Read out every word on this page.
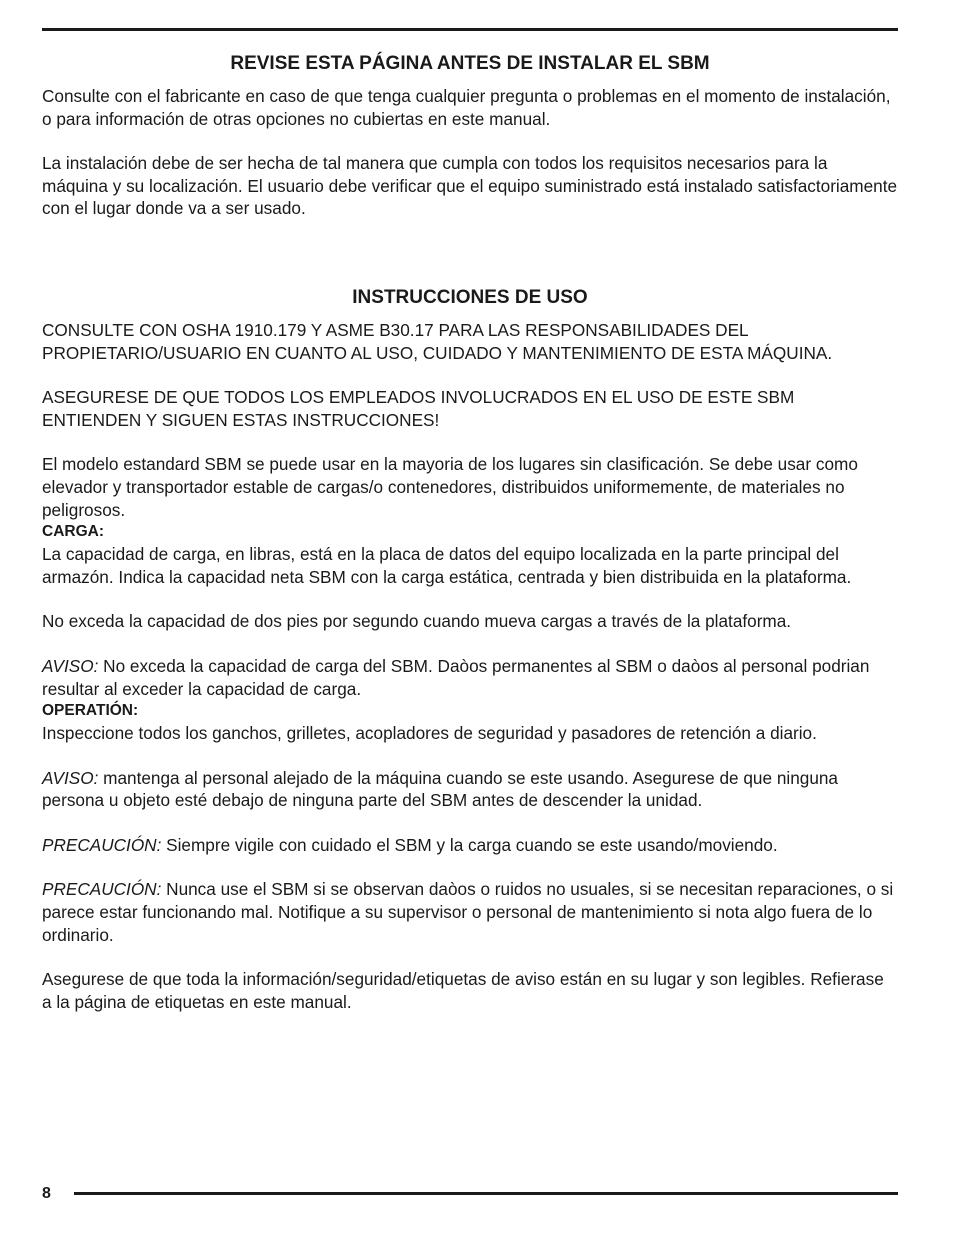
REVISE ESTA PÁGINA ANTES DE INSTALAR EL SBM

Consulte con el fabricante en caso de que tenga cualquier pregunta o problemas en el momento de instalación, o para información de otras opciones no cubiertas en este manual.

La instalación debe de ser hecha de tal manera que cumpla con todos los requisitos necesarios para la máquina y su localización. El usuario debe verificar que el equipo suministrado está instalado satisfactoriamente con el lugar donde va a ser usado.

INSTRUCCIONES DE USO

CONSULTE CON OSHA 1910.179 Y ASME B30.17 PARA LAS RESPONSABILIDADES DEL PROPIETARIO/USUARIO EN CUANTO AL USO, CUIDADO Y MANTENIMIENTO DE ESTA MÁQUINA.

ASEGURESE DE QUE TODOS LOS EMPLEADOS INVOLUCRADOS EN EL USO DE ESTE SBM ENTIENDEN Y SIGUEN ESTAS INSTRUCCIONES!

El modelo estandard SBM se puede usar en la mayoria de los lugares sin clasificación. Se debe usar como elevador y transportador estable de cargas/o contenedores, distribuidos uniformemente, de materiales no peligrosos.

CARGA:

La capacidad de carga, en libras, está en la placa de datos del equipo localizada en la parte principal del armazón. Indica la capacidad neta SBM con la carga estática, centrada y bien distribuida en la plataforma.

No exceda la capacidad de dos pies por segundo cuando mueva cargas a través de la plataforma.

AVISO: No exceda la capacidad de carga del SBM. Daòos permanentes al SBM o daòos al personal podrian resultar al exceder la capacidad de carga.

OPERATIÓN:

Inspeccione todos los ganchos, grilletes, acopladores de seguridad y pasadores de retención a diario.

AVISO: mantenga al personal alejado de la máquina cuando se este usando. Asegurese de que ninguna persona u objeto esté debajo de ninguna parte del SBM antes de descender la unidad.

PRECAUCIÓN: Siempre vigile con cuidado el SBM y la carga cuando se este usando/moviendo.

PRECAUCIÓN: Nunca use el SBM si se observan daòos o ruidos no usuales, si se necesitan reparaciones, o si parece estar funcionando mal. Notifique a su supervisor o personal de mantenimiento si nota algo fuera de lo ordinario.

Asegurese de que toda la información/seguridad/etiquetas de aviso están en su lugar y son legibles. Refierase a la página de etiquetas en este manual.

8
